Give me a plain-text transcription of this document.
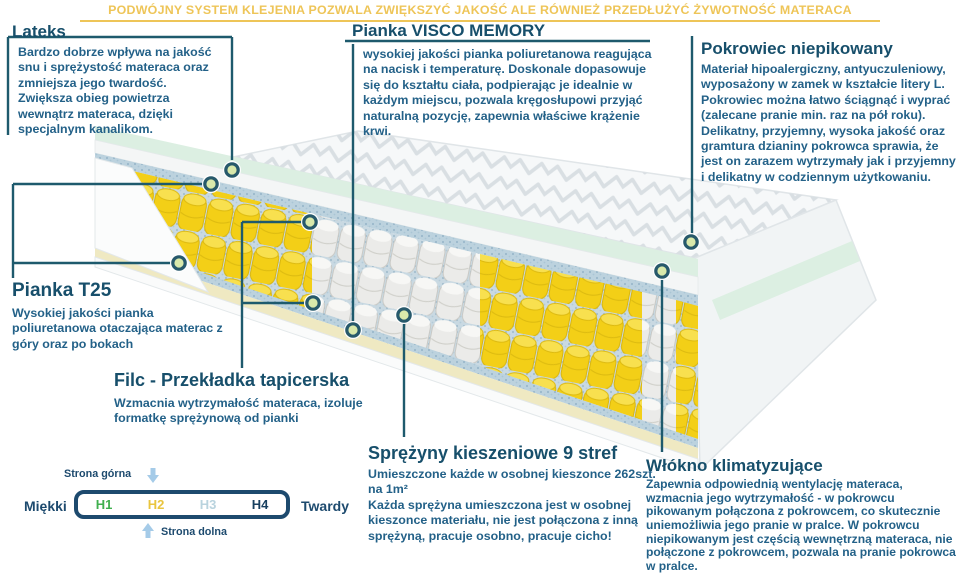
PODWÓJNY SYSTEM KLEJENIA POZWALA ZWIĘKSZYĆ JAKOŚĆ ALE RÓWNIEŻ PRZEDŁUŻYĆ ŻYWOTNOŚĆ MATERACA
Lateks
Bardzo dobrze wpływa na jakość snu i sprężystość materaca oraz zmniejsza jego twardość. Zwiększa obieg powietrza wewnątrz materaca, dzięki specjalnym kanalikom.
Pianka VISCO MEMORY
wysokiej jakości pianka poliuretanowa reagująca na nacisk i temperaturę. Doskonale dopasowuje się do kształtu ciała, podpierając je idealnie w każdym miejscu, pozwala kręgosłupowi przyjąć naturalną pozycję, zapewnia właściwe krążenie krwi.
Pokrowiec niepikowany
Materiał hipoalergiczny, antyuczuleniowy, wyposażony w zamek w kształcie litery L. Pokrowiec można łatwo ściągnąć i wyprać (zalecane pranie min. raz na pół roku). Delikatny, przyjemny, wysoka jakość oraz gramtura dzianiny pokrowca sprawia, że jest on zarazem wytrzymały jak i przyjemny i delikatny w codziennym użytkowaniu.
Pianka T25
Wysokiej jakości pianka poliuretanowa otaczająca materac z góry oraz po bokach
Filc - Przekładka tapicerska
Wzmacnia wytrzymałość materaca, izoluje formatkę sprężynową od pianki
Sprężyny kieszeniowe 9 stref

Umieszczone każde w osobnej kieszonce 262szt. na 1m²

Każda sprężyna umieszczona jest w osobnej kieszonce materiału, nie jest połączona z inną sprężyną, pracuje osobno, pracuje cicho!

Włókno klimatyzujące
Zapewnia odpowiednią wentylację materaca, wzmacnia jego wytrzymałość - w pokrowcu pikowanym połączona z pokrowcem, co skutecznie uniemożliwia jego pranie w pralce. W pokrowcu niepikowanym jest częścią wewnętrzną materaca, nie połączone z pokrowcem, pozwala na pranie pokrowca w pralce.
Strona górna
Miękki H1	H2	H3	H4 Twardy
Strona dolna
